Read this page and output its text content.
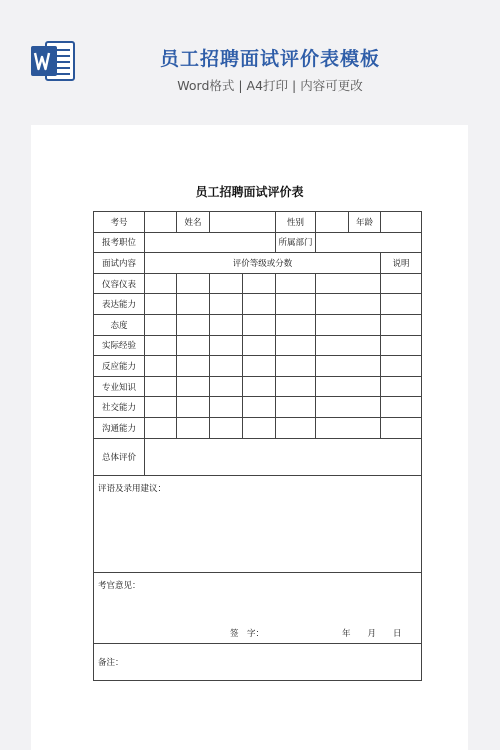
员工招聘面试评价表模板
Word格式 | A4打印 | 内容可更改
员工招聘面试评价表
考号		姓名			性别		年龄	
报考职位					所属部门			
面试内容	评价等级或分数							说明
仪容仪表								
表达能力								
态度								
实际经验								
反应能力								
专业知识								
社交能力								
沟通能力								
总体评价								
评语及录用建议：								
考官意见：
签　字： 年　　月　　日								

备注：								
